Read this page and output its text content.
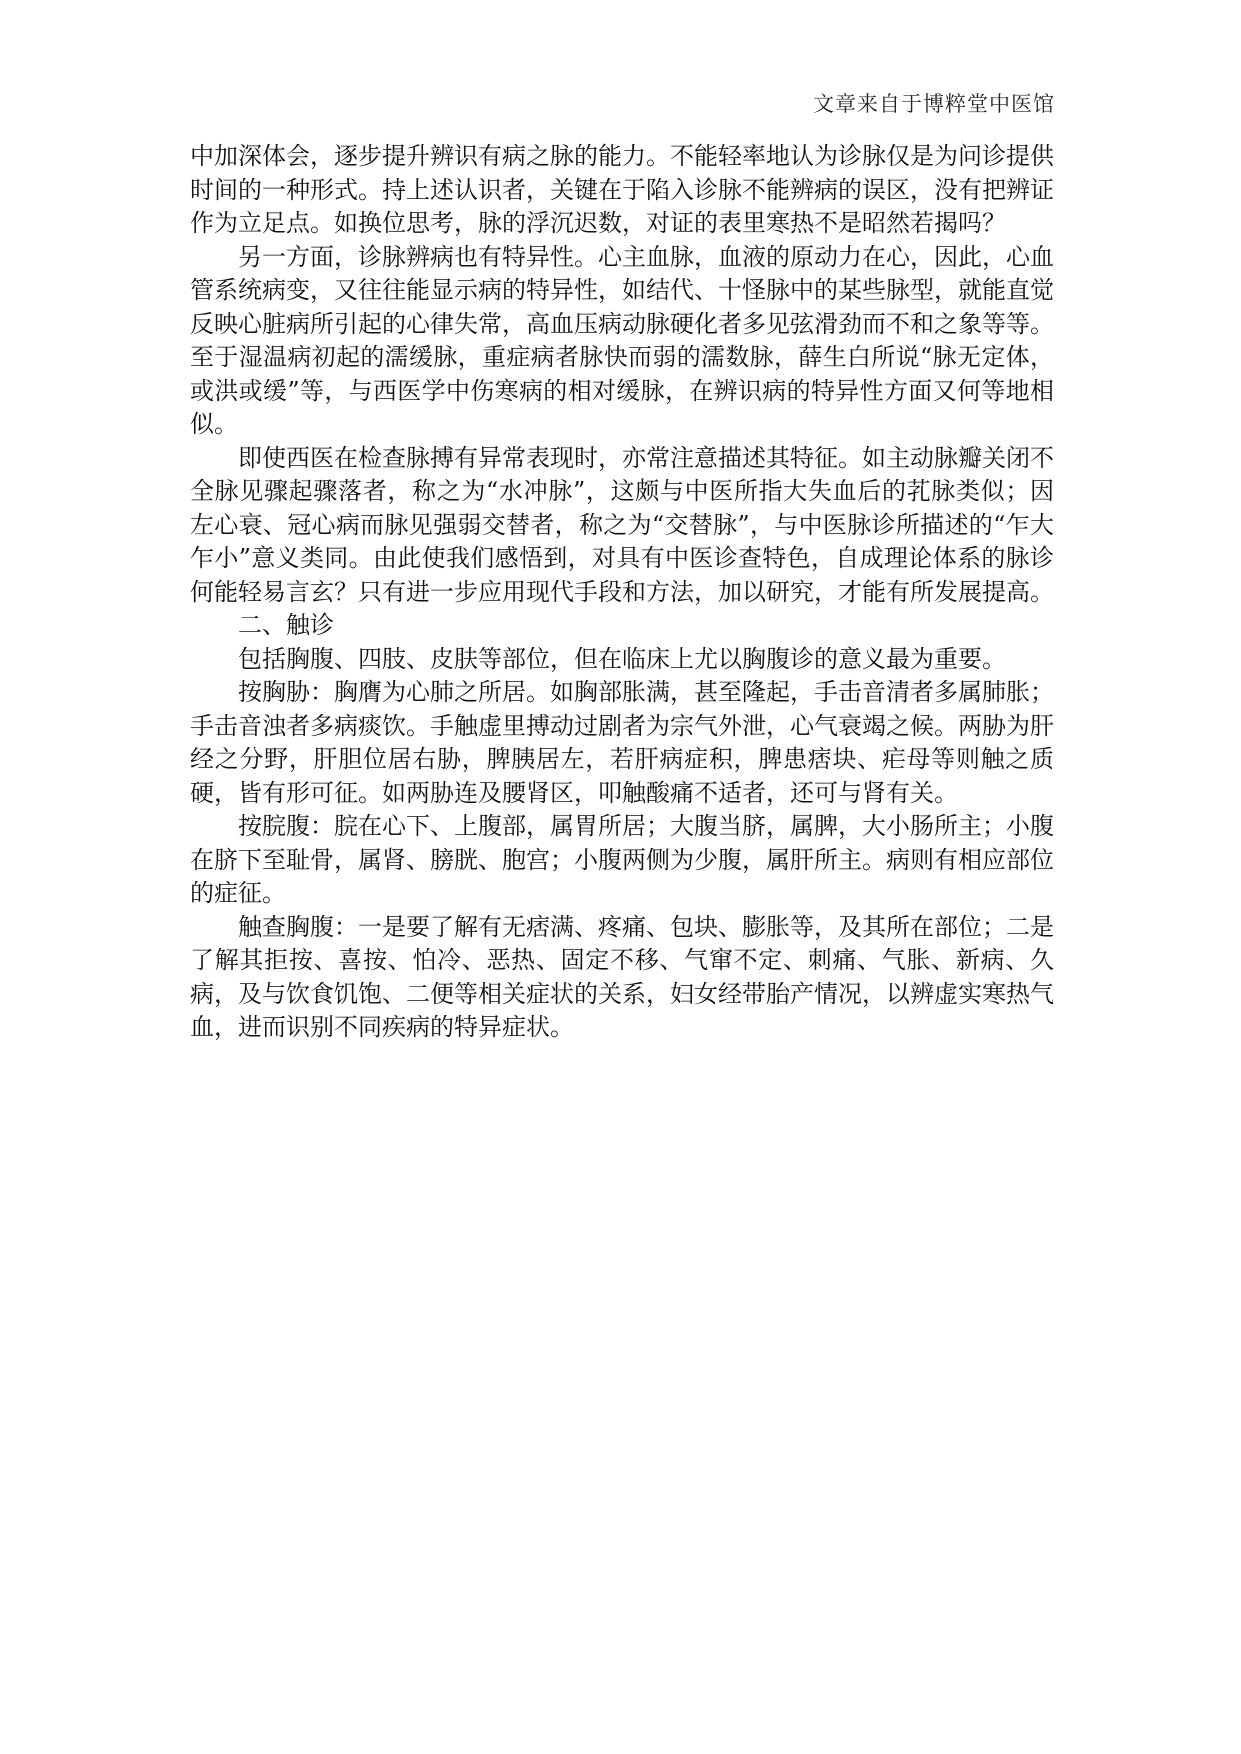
文章来自于博粹堂中医馆

中加深体会，逐步提升辨识有病之脉的能力。不能轻率地认为诊脉仅是为问诊提供时间的一种形式。持上述认识者，关键在于陷入诊脉不能辨病的误区，没有把辨证作为立足点。如换位思考，脉的浮沉迟数，对证的表里寒热不是昭然若揭吗？

另一方面，诊脉辨病也有特异性。心主血脉，血液的原动力在心，因此，心血管系统病变，又往往能显示病的特异性，如结代、十怪脉中的某些脉型，就能直觉反映心脏病所引起的心律失常，高血压病动脉硬化者多见弦滑劲而不和之象等等。至于湿温病初起的濡缓脉，重症病者脉快而弱的濡数脉，薛生白所说“脉无定体，或洪或缓”等，与西医学中伤寒病的相对缓脉，在辨识病的特异性方面又何等地相似。

即使西医在检查脉搏有异常表现时，亦常注意描述其特征。如主动脉瓣关闭不全脉见骤起骤落者，称之为“水冲脉”，这颇与中医所指大失血后的芤脉类似；因左心衰、冠心病而脉见强弱交替者，称之为“交替脉”，与中医脉诊所描述的“乍大乍小”意义类同。由此使我们感悟到，对具有中医诊查特色，自成理论体系的脉诊何能轻易言玄？只有进一步应用现代手段和方法，加以研究，才能有所发展提高。

二、触诊

包括胸腹、四肢、皮肤等部位，但在临床上尤以胸腹诊的意义最为重要。

按胸胁：胸膺为心肺之所居。如胸部胀满，甚至隆起，手击音清者多属肺胀；手击音浊者多病痰饮。手触虚里搏动过剧者为宗气外泄，心气衰竭之候。两胁为肝经之分野，肝胆位居右胁，脾胰居左，若肝病症积，脾患痞块、疟母等则触之质硬，皆有形可征。如两胁连及腰肾区，叩触酸痛不适者，还可与肾有关。

按脘腹：脘在心下、上腹部，属胃所居；大腹当脐，属脾，大小肠所主；小腹在脐下至耻骨，属肾、膀胱、胞宫；小腹两侧为少腹，属肝所主。病则有相应部位的症征。

触查胸腹：一是要了解有无痞满、疼痛、包块、膨胀等，及其所在部位；二是了解其拒按、喜按、怕冷、恶热、固定不移、气窜不定、刺痛、气胀、新病、久病，及与饮食饥饱、二便等相关症状的关系，妇女经带胎产情况，以辨虚实寒热气血，进而识别不同疾病的特异症状。
